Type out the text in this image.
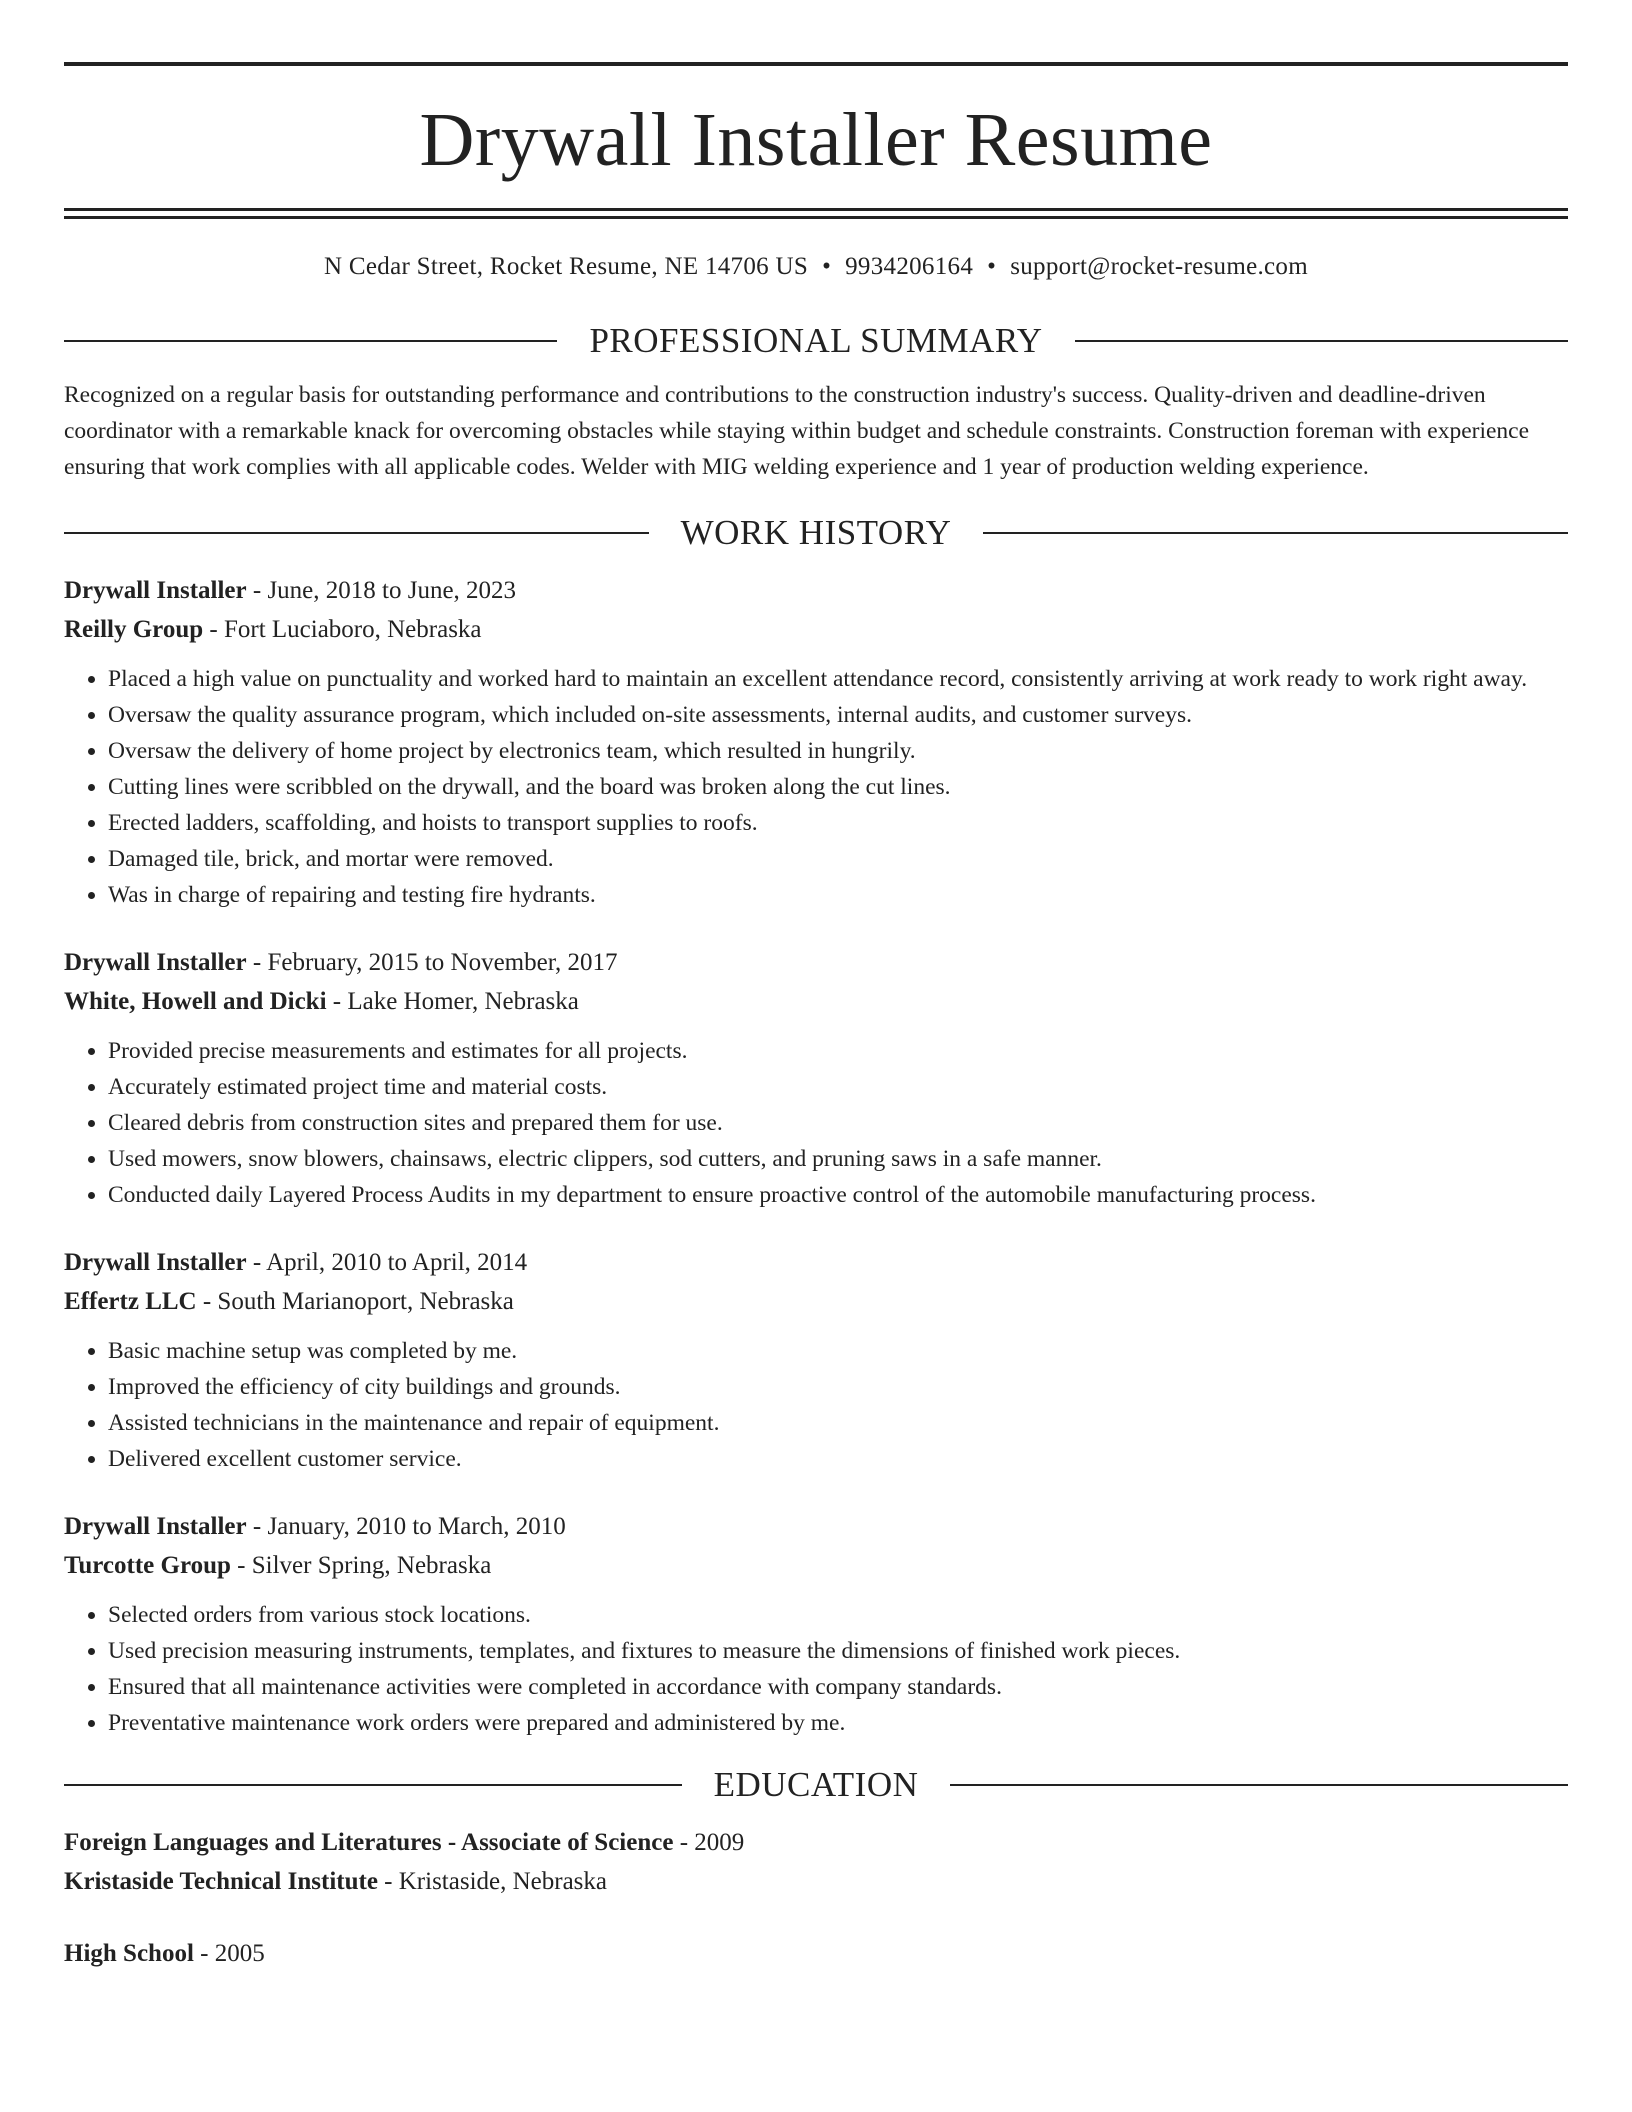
Drywall Installer Resume
N Cedar Street, Rocket Resume, NE 14706 US • 9934206164 • support@rocket-resume.com
PROFESSIONAL SUMMARY

Recognized on a regular basis for outstanding performance and contributions to the construction industry's success. Quality-driven and deadline-driven coordinator with a remarkable knack for overcoming obstacles while staying within budget and schedule constraints. Construction foreman with experience ensuring that work complies with all applicable codes. Welder with MIG welding experience and 1 year of production welding experience.

WORK HISTORY
Drywall Installer - June, 2018 to June, 2023
Reilly Group - Fort Luciaboro, Nebraska
• Placed a high value on punctuality and worked hard to maintain an excellent attendance record, consistently arriving at work ready to work right away.
• Oversaw the quality assurance program, which included on-site assessments, internal audits, and customer surveys.
• Oversaw the delivery of home project by electronics team, which resulted in hungrily.
• Cutting lines were scribbled on the drywall, and the board was broken along the cut lines.
• Erected ladders, scaffolding, and hoists to transport supplies to roofs.
• Damaged tile, brick, and mortar were removed.
• Was in charge of repairing and testing fire hydrants.
Drywall Installer - February, 2015 to November, 2017
White, Howell and Dicki - Lake Homer, Nebraska
• Provided precise measurements and estimates for all projects.
• Accurately estimated project time and material costs.
• Cleared debris from construction sites and prepared them for use.
• Used mowers, snow blowers, chainsaws, electric clippers, sod cutters, and pruning saws in a safe manner.
• Conducted daily Layered Process Audits in my department to ensure proactive control of the automobile manufacturing process.
Drywall Installer - April, 2010 to April, 2014
Effertz LLC - South Marianoport, Nebraska
• Basic machine setup was completed by me.
• Improved the efficiency of city buildings and grounds.
• Assisted technicians in the maintenance and repair of equipment.
• Delivered excellent customer service.
Drywall Installer - January, 2010 to March, 2010
Turcotte Group - Silver Spring, Nebraska
• Selected orders from various stock locations.
• Used precision measuring instruments, templates, and fixtures to measure the dimensions of finished work pieces.
• Ensured that all maintenance activities were completed in accordance with company standards.
• Preventative maintenance work orders were prepared and administered by me.
EDUCATION
Foreign Languages and Literatures - Associate of Science - 2009
Kristaside Technical Institute - Kristaside, Nebraska
High School - 2005
